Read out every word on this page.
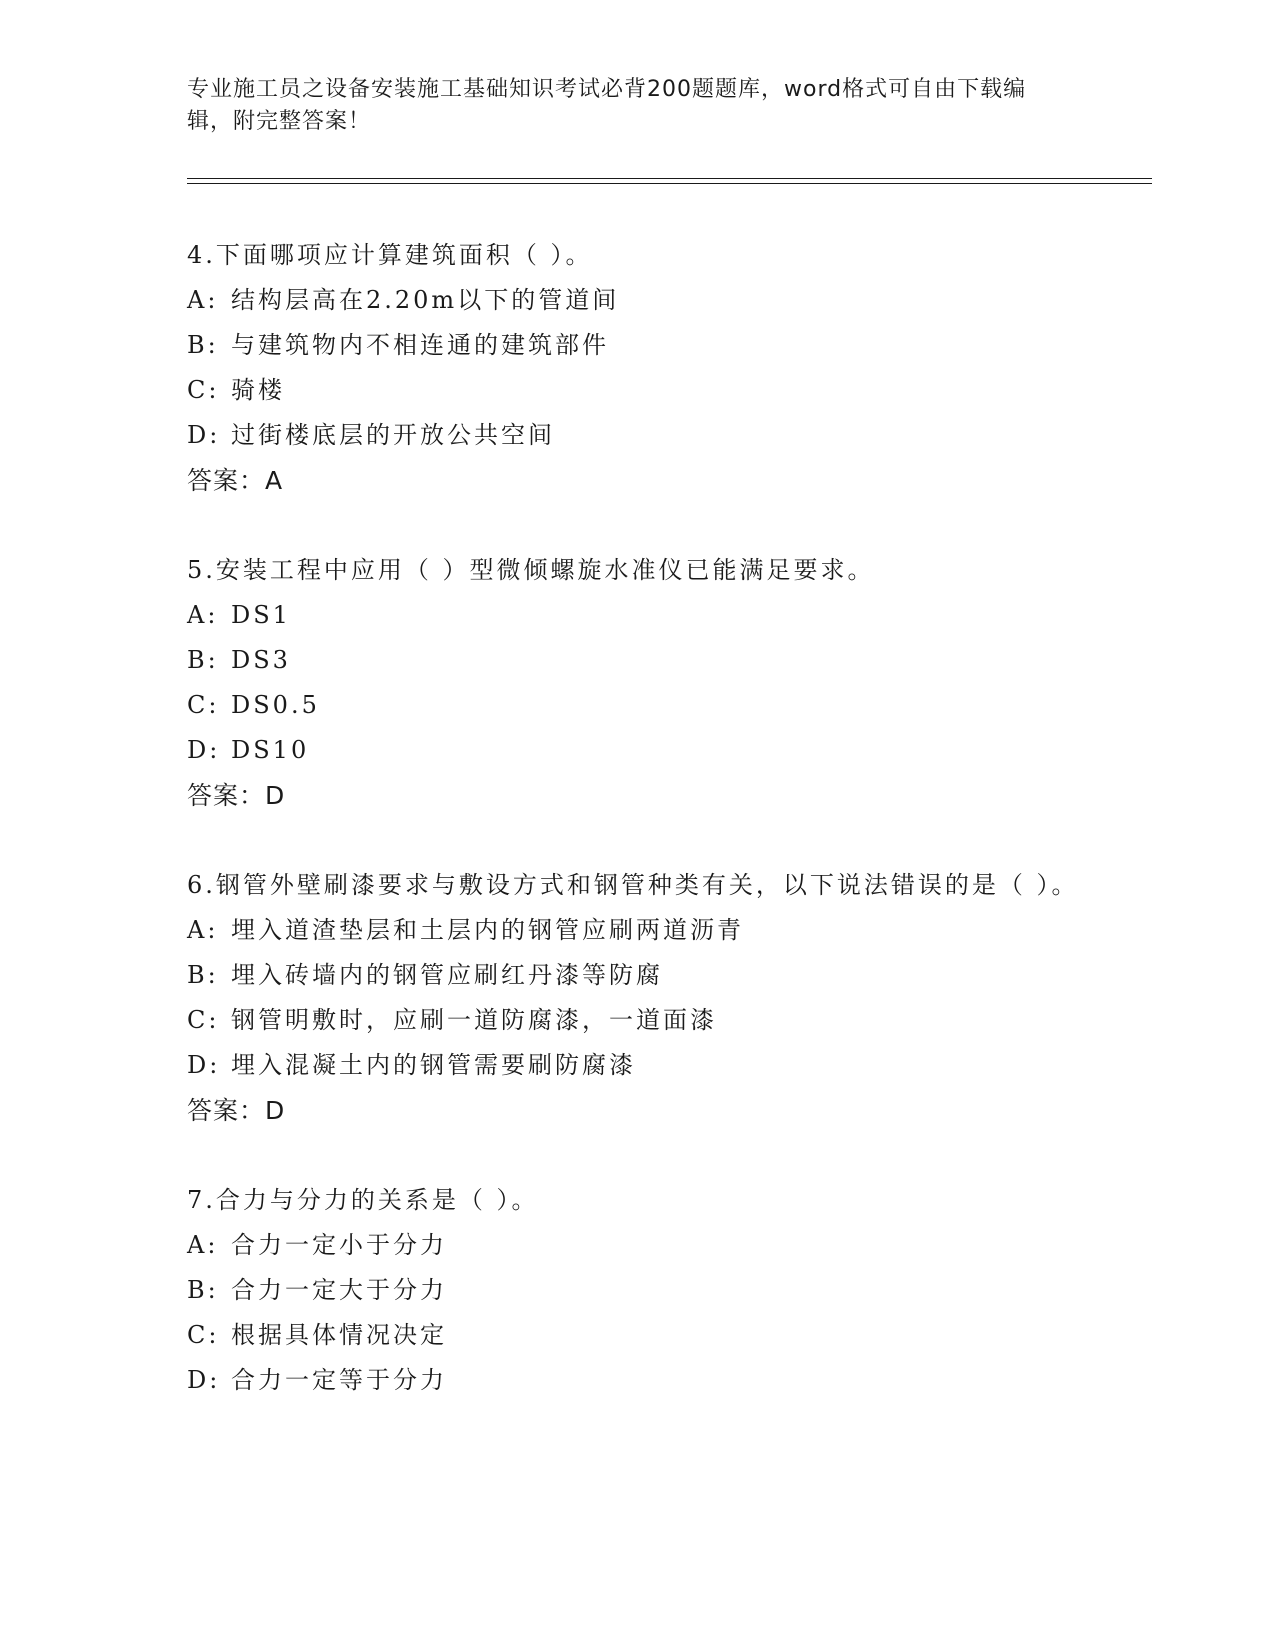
专业施工员之设备安装施工基础知识考试必背200题题库，word格式可自由下载编辑，附完整答案！
4.下面哪项应计算建筑面积（ ）。
A: 结构层高在2.20m以下的管道间
B: 与建筑物内不相连通的建筑部件
C: 骑楼
D: 过街楼底层的开放公共空间
答案：A
5.安装工程中应用（ ）型微倾螺旋水准仪已能满足要求。
A: DS1
B: DS3
C: DS0.5
D: DS10
答案：D
6.钢管外壁刷漆要求与敷设方式和钢管种类有关，以下说法错误的是（ ）。
A: 埋入道渣垫层和土层内的钢管应刷两道沥青
B: 埋入砖墙内的钢管应刷红丹漆等防腐
C: 钢管明敷时，应刷一道防腐漆，一道面漆
D: 埋入混凝土内的钢管需要刷防腐漆
答案：D
7.合力与分力的关系是（ ）。
A: 合力一定小于分力
B: 合力一定大于分力
C: 根据具体情况决定
D: 合力一定等于分力
